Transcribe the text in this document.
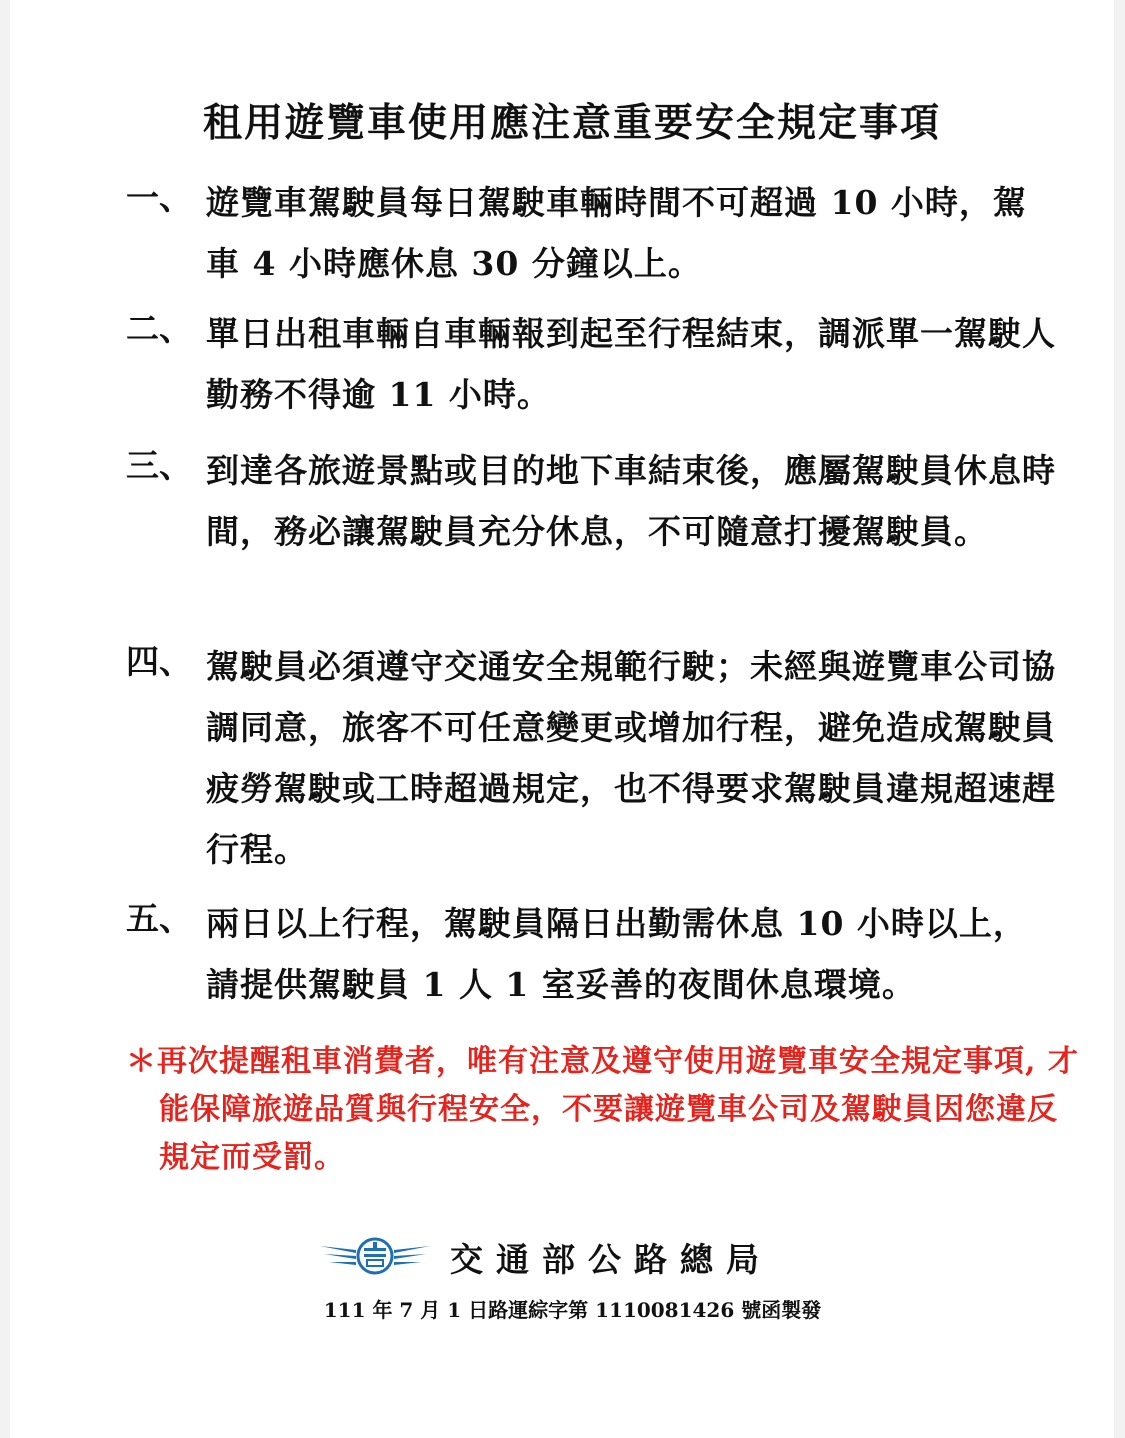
租用遊覽車使用應注意重要安全規定事項
一、 遊覽車駕駛員每日駕駛車輛時間不可超過 10 小時，駕車 4 小時應休息 30 分鐘以上。
二、 單日出租車輛自車輛報到起至行程結束，調派單一駕駛人勤務不得逾 11 小時。
三、 到達各旅遊景點或目的地下車結束後，應屬駕駛員休息時間，務必讓駕駛員充分休息，不可隨意打擾駕駛員。
四、 駕駛員必須遵守交通安全規範行駛；未經與遊覽車公司協調同意，旅客不可任意變更或增加行程，避免造成駕駛員疲勞駕駛或工時超過規定，也不得要求駕駛員違規超速趕行程。
五、 兩日以上行程，駕駛員隔日出勤需休息 10 小時以上，請提供駕駛員 1 人 1 室妥善的夜間休息環境。
＊再次提醒租車消費者，唯有注意及遵守使用遊覽車安全規定事項, 才能保障旅遊品質與行程安全，不要讓遊覽車公司及駕駛員因您違反規定而受罰。
交通部公路總局
111 年 7 月 1 日路運綜字第 1110081426 號函製發
